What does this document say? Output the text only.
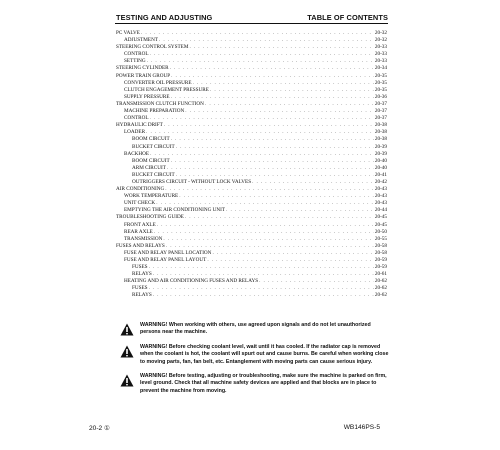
TESTING AND ADJUSTING	TABLE OF CONTENTS
PC VALVE . . .	20-32
ADJUSTMENT . . .	20-32
STEERING CONTROL SYSTEM . . .	20-33
CONTROL . . .	20-33
SETTING . . .	20-33
STEERING CYLINDER . . .	20-34
POWER TRAIN GROUP . . .	20-35
CONVERTER OIL PRESSURE . . .	20-35
CLUTCH ENGAGEMENT PRESSURE . . .	20-35
SUPPLY PRESSURE . . .	20-36
TRANSMISSION CLUTCH FUNCTION . . .	20-37
MACHINE PREPARATION . . .	20-37
CONTROL . . .	20-37
HYDRAULIC DRIFT . . .	20-38
LOADER . . .	20-38
BOOM CIRCUIT . . .	20-38
BUCKET CIRCUIT . . .	20-39
BACKHOE . . .	20-39
BOOM CIRCUIT . . .	20-40
ARM CIRCUIT . . .	20-40
BUCKET CIRCUIT . . .	20-41
OUTRIGGERS CIRCUIT - WITHOUT LOCK VALVES . . .	20-42
AIR CONDITIONING . . .	20-43
WORK TEMPERATURE . . .	20-43
UNIT CHECK . . .	20-43
EMPTYING THE AIR CONDITIONING UNIT . . .	20-44
TROUBLESHOOTING GUIDE . . .	20-45
FRONT AXLE . . .	20-45
REAR AXLE . . .	20-50
TRANSMISSION . . .	20-55
FUSES AND RELAYS . . .	20-58
FUSE AND RELAY PANEL LOCATION . . .	20-58
FUSE AND RELAY PANEL LAYOUT . . .	20-59
FUSES . . .	20-59
RELAYS . . .	20-61
HEATING AND AIR CONDITIONING FUSES AND RELAYS . . .	20-62
FUSES . . .	20-62
RELAYS . . .	20-62
WARNING! When working with others, use agreed upon signals and do not let unauthorized persons near the machine.
WARNING! Before checking coolant level, wait until it has cooled. If the radiator cap is removed when the coolant is hot, the coolant will spurt out and cause burns. Be careful when working close to moving parts, fan, fan belt, etc. Entanglement with moving parts can cause serious injury.
WARNING! Before testing, adjusting or troubleshooting, make sure the machine is parked on firm, level ground. Check that all machine safety devices are applied and that blocks are in place to prevent the machine from moving.
20-2 ①	WB146PS-5
